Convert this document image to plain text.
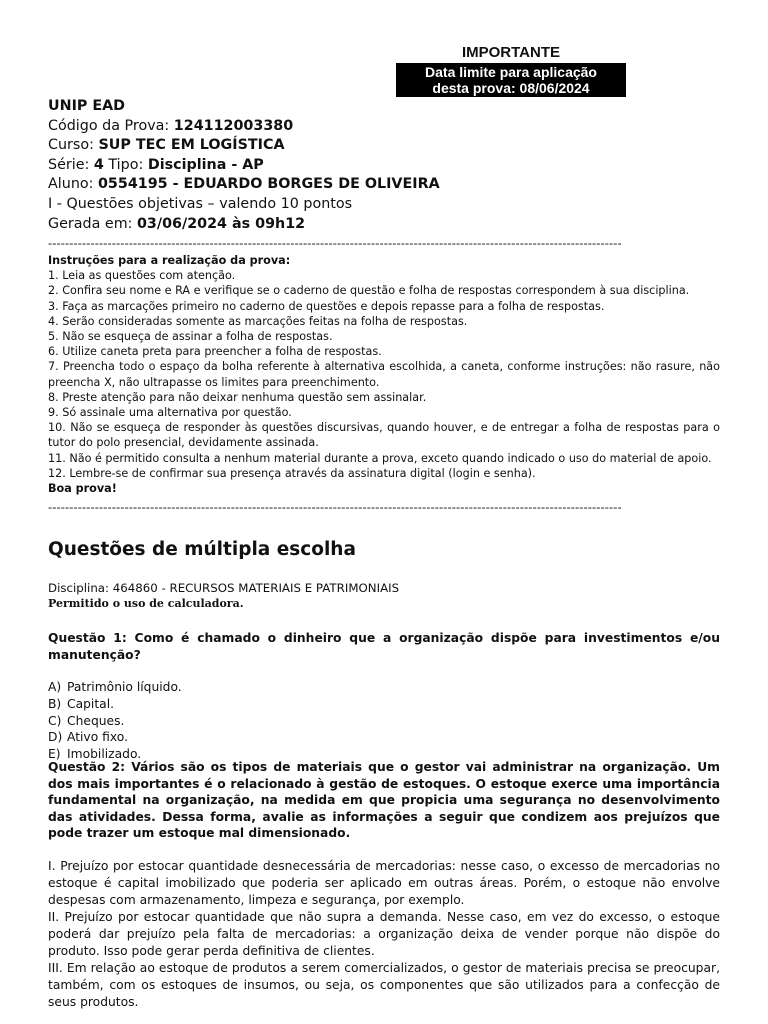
IMPORTANTE
Data limite para aplicação
desta prova: 08/06/2024
UNIP EAD
Código da Prova: 124112003380
Curso: SUP TEC EM LOGÍSTICA
Série: 4 Tipo: Disciplina - AP
Aluno: 0554195 - EDUARDO BORGES DE OLIVEIRA
I - Questões objetivas – valendo 10 pontos
Gerada em: 03/06/2024 às 09h12
---------------------------------------------------------------------------------------------------------------------------------------
Instruções para a realização da prova:
1. Leia as questões com atenção.
2. Confira seu nome e RA e verifique se o caderno de questão e folha de respostas correspondem à sua disciplina.
3. Faça as marcações primeiro no caderno de questões e depois repasse para a folha de respostas.
4. Serão consideradas somente as marcações feitas na folha de respostas.
5. Não se esqueça de assinar a folha de respostas.
6. Utilize caneta preta para preencher a folha de respostas.
7. Preencha todo o espaço da bolha referente à alternativa escolhida, a caneta, conforme instruções: não rasure, não preencha X, não ultrapasse os limites para preenchimento.
8. Preste atenção para não deixar nenhuma questão sem assinalar.
9. Só assinale uma alternativa por questão.
10. Não se esqueça de responder às questões discursivas, quando houver, e de entregar a folha de respostas para o tutor do polo presencial, devidamente assinada.
11. Não é permitido consulta a nenhum material durante a prova, exceto quando indicado o uso do material de apoio.
12. Lembre-se de confirmar sua presença através da assinatura digital (login e senha).
Boa prova!
---------------------------------------------------------------------------------------------------------------------------------------
Questões de múltipla escolha
Disciplina: 464860 - RECURSOS MATERIAIS E PATRIMONIAIS
Permitido o uso de calculadora.
Questão 1: Como é chamado o dinheiro que a organização dispõe para investimentos e/ou manutenção?
A) Patrimônio líquido.
B) Capital.
C) Cheques.
D) Ativo fixo.
E) Imobilizado.
Questão 2: Vários são os tipos de materiais que o gestor vai administrar na organização. Um dos mais importantes é o relacionado à gestão de estoques. O estoque exerce uma importância fundamental na organização, na medida em que propicia uma segurança no desenvolvimento das atividades. Dessa forma, avalie as informações a seguir que condizem aos prejuízos que pode trazer um estoque mal dimensionado.
I. Prejuízo por estocar quantidade desnecessária de mercadorias: nesse caso, o excesso de mercadorias no estoque é capital imobilizado que poderia ser aplicado em outras áreas. Porém, o estoque não envolve despesas com armazenamento, limpeza e segurança, por exemplo.
II. Prejuízo por estocar quantidade que não supra a demanda. Nesse caso, em vez do excesso, o estoque poderá dar prejuízo pela falta de mercadorias: a organização deixa de vender porque não dispõe do produto. Isso pode gerar perda definitiva de clientes.
III. Em relação ao estoque de produtos a serem comercializados, o gestor de materiais precisa se preocupar, também, com os estoques de insumos, ou seja, os componentes que são utilizados para a confecção de seus produtos.
